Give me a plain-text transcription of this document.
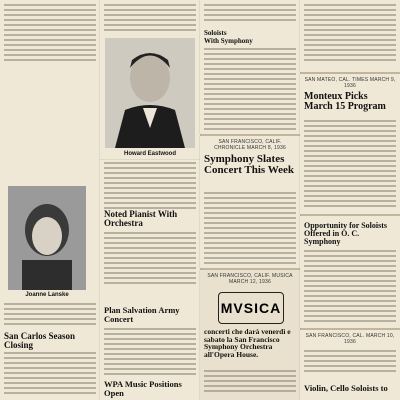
Joanne Lanske
San Carlos Season Closing
Howard Eastwood
Noted Pianist With Orchestra
Plan Salvation Army Concert
WPA Music Positions Open
Soloists
With Symphony
SAN FRANCISCO, CALIF. CHRONICLE MARCH 8, 1936
Symphony Slates Concert This Week
SAN FRANCISCO, CALIF. MUSICA MARCH 12, 1936
MVSICA
concerti che darà venerdì e sabato la San Francisco Symphony Orchestra all'Opera House.
SAN MATEO, CAL. TIMES MARCH 9, 1936
Monteux Picks March 15 Program
Opportunity for Soloists Offered in O. C. Symphony
SAN FRANCISCO, CAL. MARCH 10, 1936
Violin, Cello Soloists to
